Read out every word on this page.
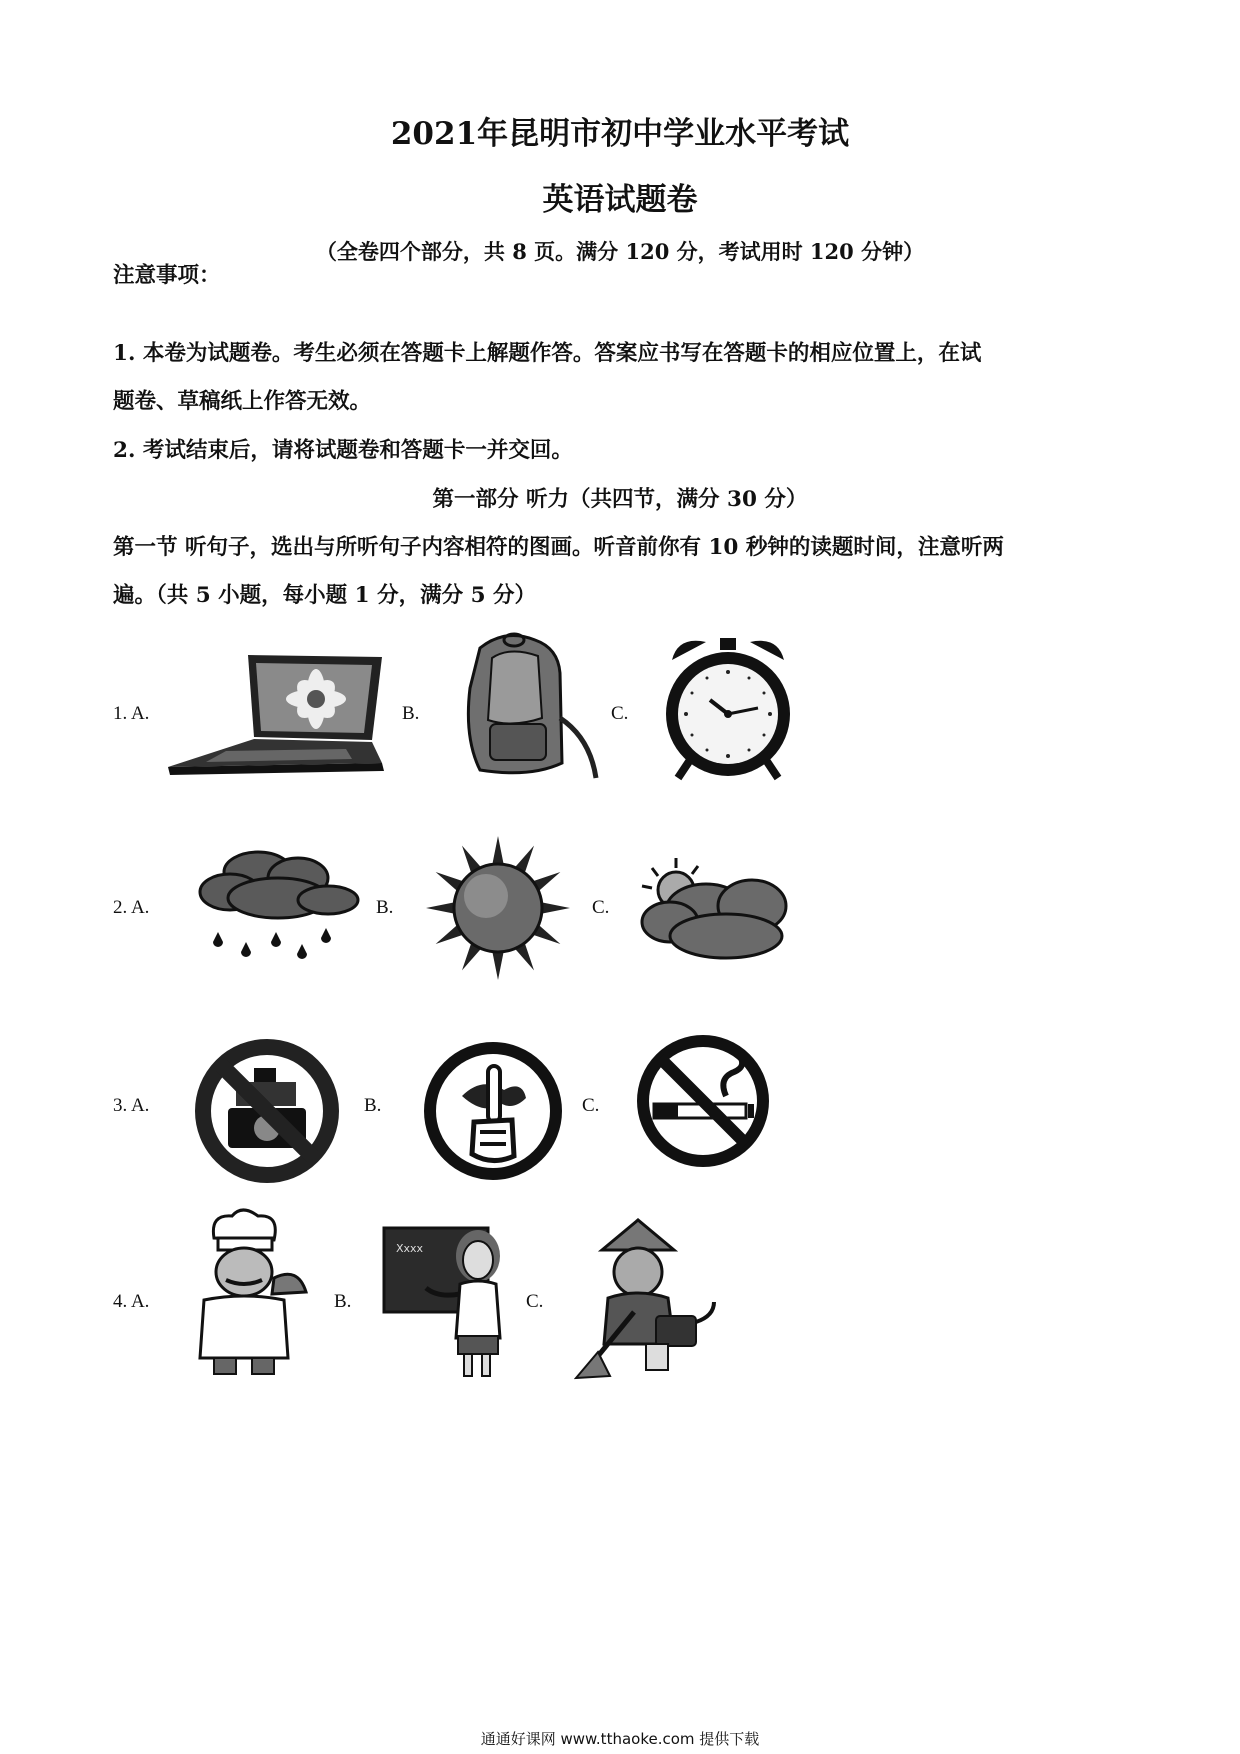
2021年昆明市初中学业水平考试
英语试题卷
（全卷四个部分，共 8 页。满分 120 分，考试用时 120 分钟）
注意事项：
1. 本卷为试题卷。考生必须在答题卡上解题作答。答案应书写在答题卡的相应位置上，在试
题卷、草稿纸上作答无效。
2. 考试结束后，请将试题卷和答题卡一并交回。
第一部分 听力（共四节，满分 30 分）
第一节 听句子，选出与所听句子内容相符的图画。听音前你有 10 秒钟的读题时间，注意听两
遍。（共 5 小题，每小题 1 分，满分 5 分）
1. A.	B.	C.
2. A.	B.	C.
3. A.	B.	C.
4. A.	B.	C.
Xxxx
通通好课网 www.tthaoke.com 提供下载
